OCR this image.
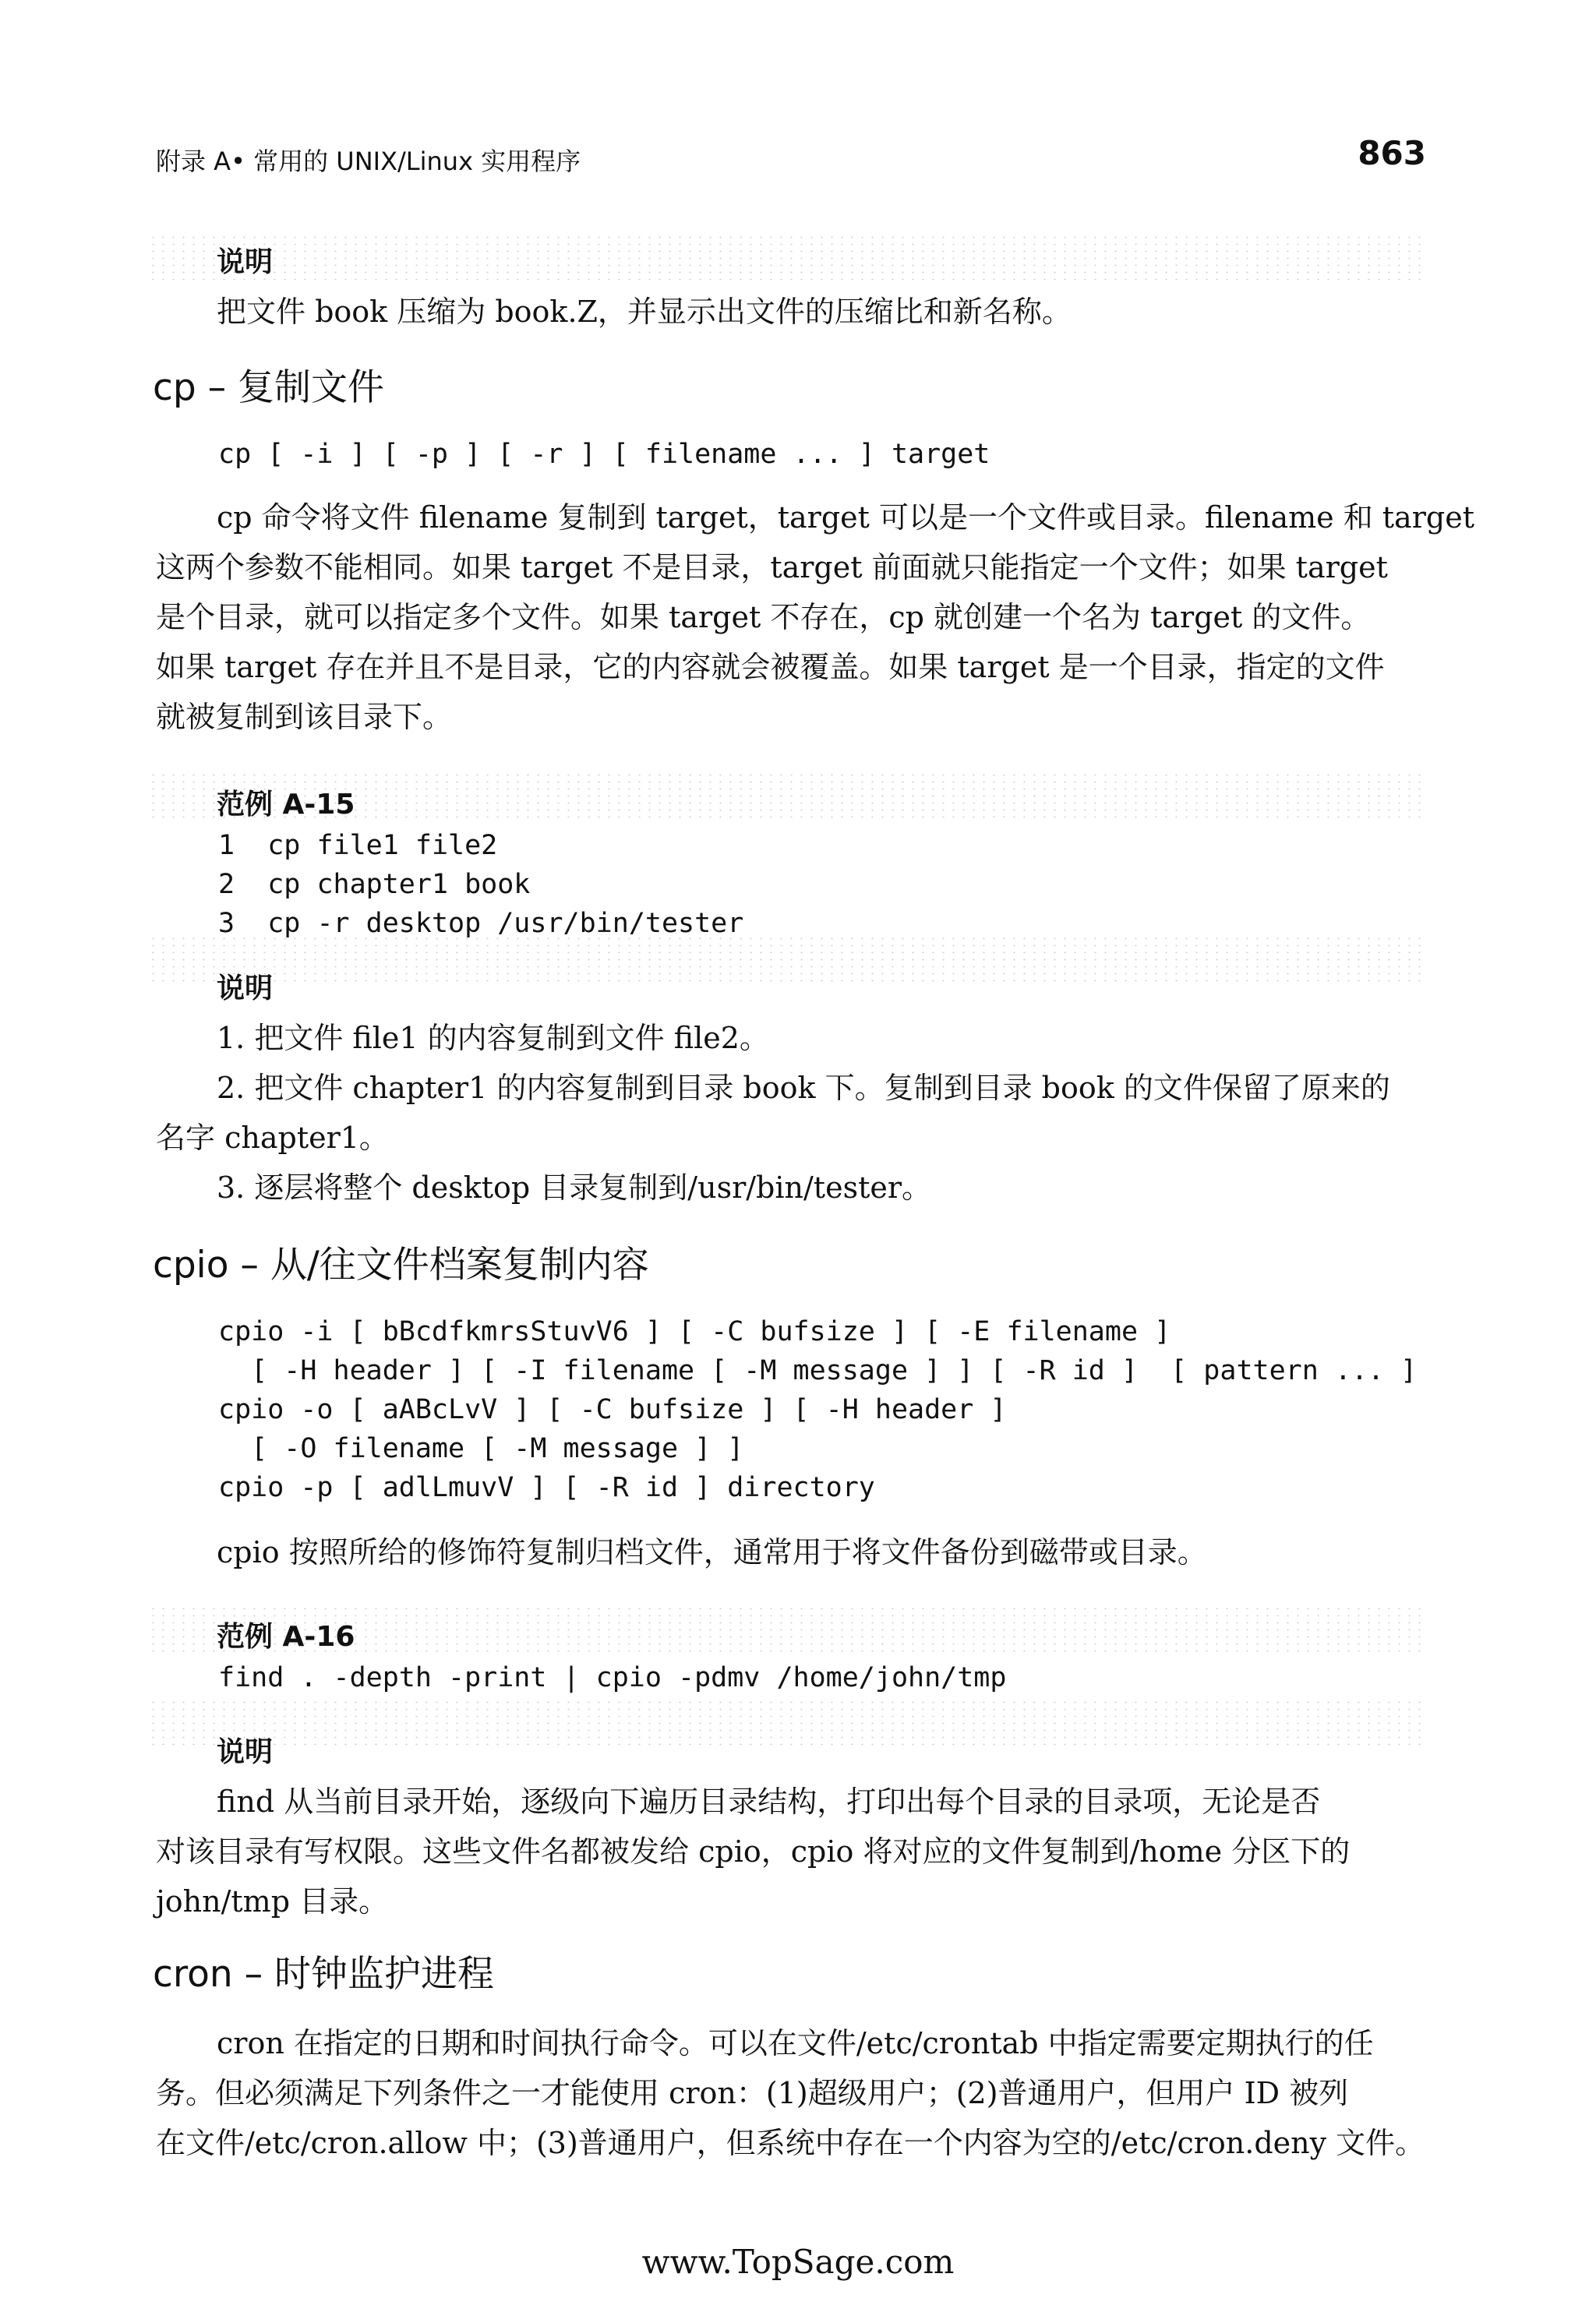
附录 A• 常用的 UNIX/Linux 实用程序	863
说明
把文件 book 压缩为 book.Z，并显示出文件的压缩比和新名称。
cp – 复制文件
cp [ -i ] [ -p ] [ -r ] [ filename ... ] target
cp 命令将文件 filename 复制到 target，target 可以是一个文件或目录。filename 和 target
这两个参数不能相同。如果 target 不是目录，target 前面就只能指定一个文件；如果 target
是个目录，就可以指定多个文件。如果 target 不存在，cp 就创建一个名为 target 的文件。
如果 target 存在并且不是目录，它的内容就会被覆盖。如果 target 是一个目录，指定的文件
就被复制到该目录下。
范例 A-15
1 cp file1 file2
2 cp chapter1 book
3 cp -r desktop /usr/bin/tester
说明
1. 把文件 file1 的内容复制到文件 file2。
2. 把文件 chapter1 的内容复制到目录 book 下。复制到目录 book 的文件保留了原来的
名字 chapter1。
3. 逐层将整个 desktop 目录复制到/usr/bin/tester。
cpio – 从/往文件档案复制内容
cpio -i [ bBcdfkmrsStuvV6 ] [ -C bufsize ] [ -E filename ]
[ -H header ] [ -I filename [ -M message ] ] [ -R id ]  [ pattern ... ]
cpio -o [ aABcLvV ] [ -C bufsize ] [ -H header ]
[ -O filename [ -M message ] ]
cpio -p [ adlLmuvV ] [ -R id ] directory
cpio 按照所给的修饰符复制归档文件，通常用于将文件备份到磁带或目录。
范例 A-16
find . -depth -print | cpio -pdmv /home/john/tmp
说明
find 从当前目录开始，逐级向下遍历目录结构，打印出每个目录的目录项，无论是否
对该目录有写权限。这些文件名都被发给 cpio，cpio 将对应的文件复制到/home 分区下的
john/tmp 目录。
cron – 时钟监护进程
cron 在指定的日期和时间执行命令。可以在文件/etc/crontab 中指定需要定期执行的任
务。但必须满足下列条件之一才能使用 cron：(1)超级用户；(2)普通用户，但用户 ID 被列
在文件/etc/cron.allow 中；(3)普通用户，但系统中存在一个内容为空的/etc/cron.deny 文件。
www.TopSage.com
